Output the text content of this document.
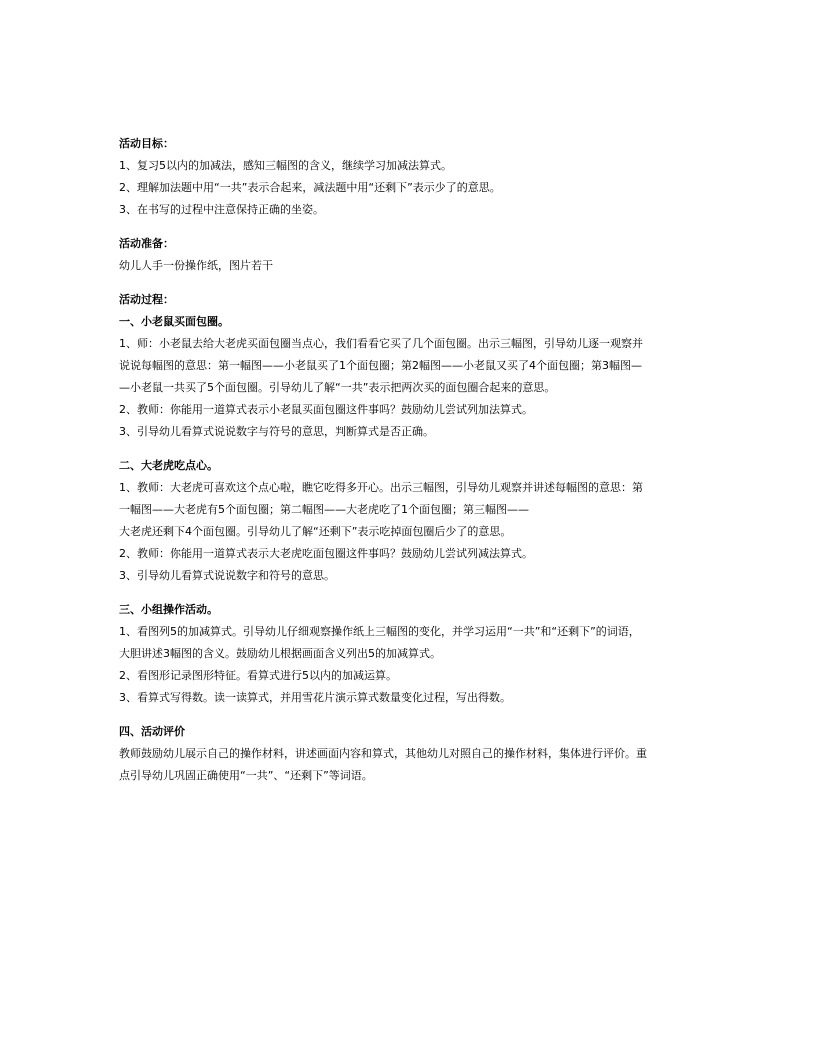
活动目标：
1、复习5以内的加减法，感知三幅图的含义，继续学习加减法算式。
2、理解加法题中用“一共”表示合起来，减法题中用“还剩下”表示少了的意思。
3、在书写的过程中注意保持正确的坐姿。
活动准备：
幼儿人手一份操作纸，图片若干
活动过程：
一、小老鼠买面包圈。
1、师：小老鼠去给大老虎买面包圈当点心，我们看看它买了几个面包圈。出示三幅图，引导幼儿逐一观察并
说说每幅图的意思：第一幅图——小老鼠买了1个面包圈；第2幅图——小老鼠又买了4个面包圈；第3幅图—
—小老鼠一共买了5个面包圈。引导幼儿了解“一共”表示把两次买的面包圈合起来的意思。
2、教师：你能用一道算式表示小老鼠买面包圈这件事吗？鼓励幼儿尝试列加法算式。
3、引导幼儿看算式说说数字与符号的意思，判断算式是否正确。
二、大老虎吃点心。
1、教师：大老虎可喜欢这个点心啦，瞧它吃得多开心。出示三幅图，引导幼儿观察并讲述每幅图的意思：第
一幅图——大老虎有5个面包圈；第二幅图——大老虎吃了1个面包圈；第三幅图——
大老虎还剩下4个面包圈。引导幼儿了解“还剩下”表示吃掉面包圈后少了的意思。
2、教师：你能用一道算式表示大老虎吃面包圈这件事吗？鼓励幼儿尝试列减法算式。
3、引导幼儿看算式说说数字和符号的意思。
三、小组操作活动。
1、看图列5的加减算式。引导幼儿仔细观察操作纸上三幅图的变化，并学习运用“一共”和“还剩下”的词语，
大胆讲述3幅图的含义。鼓励幼儿根据画面含义列出5的加减算式。
2、看图形记录图形特征。看算式进行5以内的加减运算。
3、看算式写得数。读一读算式，并用雪花片演示算式数量变化过程，写出得数。
四、活动评价
教师鼓励幼儿展示自己的操作材料，讲述画面内容和算式，其他幼儿对照自己的操作材料，集体进行评价。重
点引导幼儿巩固正确使用“一共”、“还剩下”等词语。
